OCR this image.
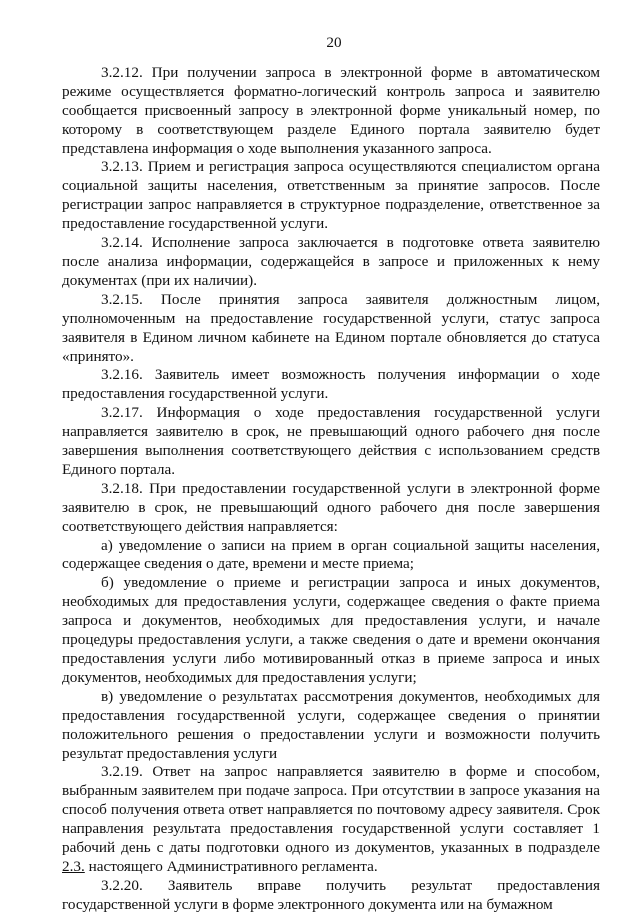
20

3.2.12. При получении запроса в электронной форме в автоматическом режиме осуществляется форматно-логический контроль запроса и заявителю сообщается присвоенный запросу в электронной форме уникальный номер, по которому в соответствующем разделе Единого портала заявителю будет представлена информация о ходе выполнения указанного запроса.

3.2.13. Прием и регистрация запроса осуществляются специалистом органа социальной защиты населения, ответственным за принятие запросов. После регистрации запрос направляется в структурное подразделение, ответственное за предоставление государственной услуги.

3.2.14. Исполнение запроса заключается в подготовке ответа заявителю после анализа информации, содержащейся в запросе и приложенных к нему документах (при их наличии).

3.2.15. После принятия запроса заявителя должностным лицом, уполномоченным на предоставление государственной услуги, статус запроса заявителя в Едином личном кабинете на Едином портале обновляется до статуса «принято».

3.2.16. Заявитель имеет возможность получения информации о ходе предоставления государственной услуги.

3.2.17. Информация о ходе предоставления государственной услуги направляется заявителю в срок, не превышающий одного рабочего дня после завершения выполнения соответствующего действия с использованием средств Единого портала.

3.2.18. При предоставлении государственной услуги в электронной форме заявителю в срок, не превышающий одного рабочего дня после завершения соответствующего действия направляется:

а) уведомление о записи на прием в орган социальной защиты населения, содержащее сведения о дате, времени и месте приема;

б) уведомление о приеме и регистрации запроса и иных документов, необходимых для предоставления услуги, содержащее сведения о факте приема запроса и документов, необходимых для предоставления услуги, и начале процедуры предоставления услуги, а также сведения о дате и времени окончания предоставления услуги либо мотивированный отказ в приеме запроса и иных документов, необходимых для предоставления услуги;

в) уведомление о результатах рассмотрения документов, необходимых для предоставления государственной услуги, содержащее сведения о принятии положительного решения о предоставлении услуги и возможности получить результат предоставления услуги

3.2.19. Ответ на запрос направляется заявителю в форме и способом, выбранным заявителем при подаче запроса. При отсутствии в запросе указания на способ получения ответа ответ направляется по почтовому адресу заявителя. Срок направления результата предоставления государственной услуги составляет 1 рабочий день с даты подготовки одного из документов, указанных в подразделе 2.3. настоящего Административного регламента.

3.2.20. Заявитель вправе получить результат предоставления государственной услуги в форме электронного документа или на бумажном
